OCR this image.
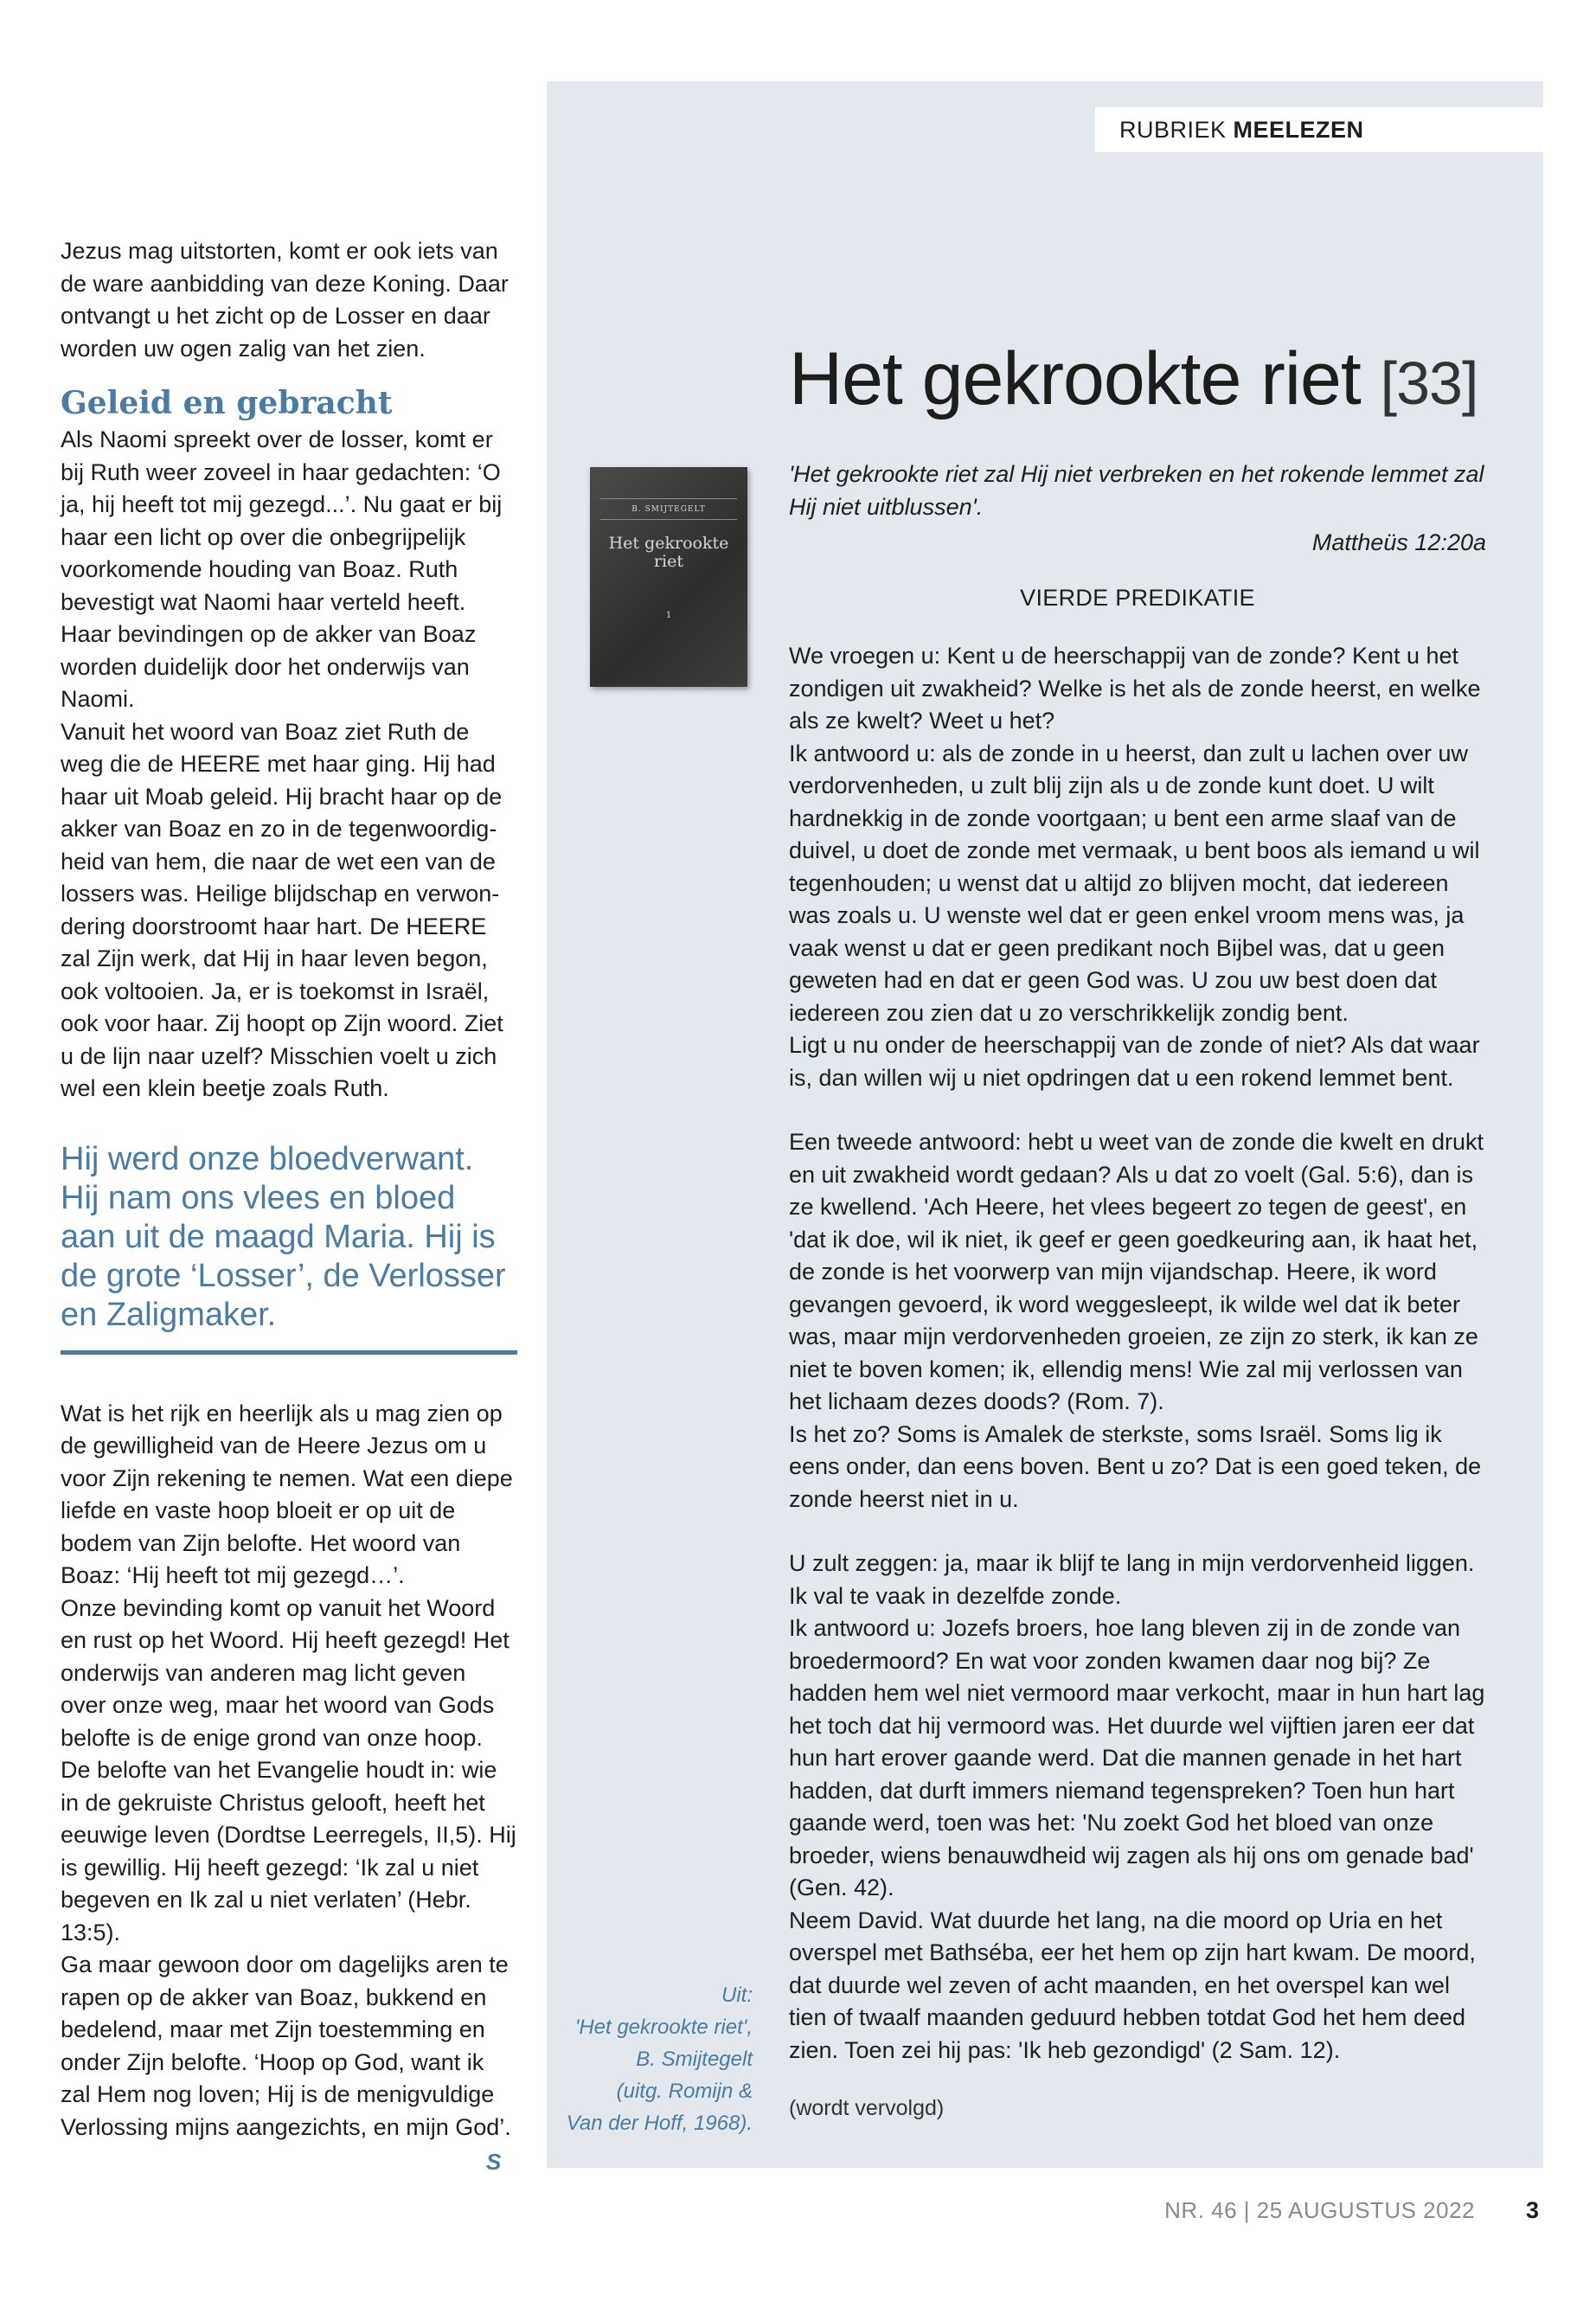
RUBRIEK MEELEZEN

Jezus mag uitstorten, komt er ook iets van de ware aanbidding van deze Koning. Daar ontvangt u het zicht op de Losser en daar worden uw ogen zalig van het zien.

Geleid en gebracht

Als Naomi spreekt over de losser, komt er bij Ruth weer zoveel in haar gedachten: ‘O ja, hij heeft tot mij gezegd...’. Nu gaat er bij haar een licht op over die onbegrijpelijk voorkomende houding van Boaz. Ruth bevestigt wat Naomi haar verteld heeft. Haar bevindingen op de akker van Boaz worden duidelijk door het onderwijs van Naomi.

Vanuit het woord van Boaz ziet Ruth de weg die de HEERE met haar ging. Hij had haar uit Moab geleid. Hij bracht haar op de akker van Boaz en zo in de tegenwoordigheid van hem, die naar de wet een van de lossers was. Heilige blijdschap en verwondering doorstroomt haar hart. De HEERE zal Zijn werk, dat Hij in haar leven begon, ook voltooien. Ja, er is toekomst in Israël, ook voor haar. Zij hoopt op Zijn woord. Ziet u de lijn naar uzelf? Misschien voelt u zich wel een klein beetje zoals Ruth.

Hij werd onze bloedverwant. Hij nam ons vlees en bloed aan uit de maagd Maria. Hij is de grote ‘Losser’, de Verlosser en Zaligmaker.

Wat is het rijk en heerlijk als u mag zien op de gewilligheid van de Heere Jezus om u voor Zijn rekening te nemen. Wat een diepe liefde en vaste hoop bloeit er op uit de bodem van Zijn belofte. Het woord van Boaz: ‘Hij heeft tot mij gezegd…’.

Onze bevinding komt op vanuit het Woord en rust op het Woord. Hij heeft gezegd! Het onderwijs van anderen mag licht geven over onze weg, maar het woord van Gods belofte is de enige grond van onze hoop. De belofte van het Evangelie houdt in: wie in de gekruiste Christus gelooft, heeft het eeuwige leven (Dordtse Leerregels, II,5). Hij is gewillig. Hij heeft gezegd: ‘Ik zal u niet begeven en Ik zal u niet verlaten’ (Hebr. 13:5).

Ga maar gewoon door om dagelijks aren te rapen op de akker van Boaz, bukkend en bedelend, maar met Zijn toestemming en onder Zijn belofte. ‘Hoop op God, want ik zal Hem nog loven; Hij is de menigvuldige Verlossing mijns aangezichts, en mijn God’.

S
Het gekrookte riet [33]
B. SMIJTEGELT
Het gekrookte riet
1

'Het gekrookte riet zal Hij niet verbreken en het rokende lemmet zal Hij niet uitblussen'.

Mattheüs 12:20a

VIERDE PREDIKATIE

We vroegen u: Kent u de heerschappij van de zonde? Kent u het zondigen uit zwakheid? Welke is het als de zonde heerst, en welke als ze kwelt? Weet u het?

Ik antwoord u: als de zonde in u heerst, dan zult u lachen over uw verdorvenheden, u zult blij zijn als u de zonde kunt doet. U wilt hardnekkig in de zonde voortgaan; u bent een arme slaaf van de duivel, u doet de zonde met vermaak, u bent boos als iemand u wil tegenhouden; u wenst dat u altijd zo blijven mocht, dat iedereen was zoals u. U wenste wel dat er geen enkel vroom mens was, ja vaak wenst u dat er geen predikant noch Bijbel was, dat u geen geweten had en dat er geen God was. U zou uw best doen dat iedereen zou zien dat u zo verschrikkelijk zondig bent.

Ligt u nu onder de heerschappij van de zonde of niet? Als dat waar is, dan willen wij u niet opdringen dat u een rokend lemmet bent.

Een tweede antwoord: hebt u weet van de zonde die kwelt en drukt en uit zwakheid wordt gedaan? Als u dat zo voelt (Gal. 5:6), dan is ze kwellend. 'Ach Heere, het vlees begeert zo tegen de geest', en 'dat ik doe, wil ik niet, ik geef er geen goedkeuring aan, ik haat het, de zonde is het voorwerp van mijn vijandschap. Heere, ik word gevangen gevoerd, ik word weggesleept, ik wilde wel dat ik beter was, maar mijn verdorvenheden groeien, ze zijn zo sterk, ik kan ze niet te boven komen; ik, ellendig mens! Wie zal mij verlossen van het lichaam dezes doods? (Rom. 7).

Is het zo? Soms is Amalek de sterkste, soms Israël. Soms lig ik eens onder, dan eens boven. Bent u zo? Dat is een goed teken, de zonde heerst niet in u.

U zult zeggen: ja, maar ik blijf te lang in mijn verdorvenheid liggen. Ik val te vaak in dezelfde zonde.

Ik antwoord u: Jozefs broers, hoe lang bleven zij in de zonde van broedermoord? En wat voor zonden kwamen daar nog bij? Ze hadden hem wel niet vermoord maar verkocht, maar in hun hart lag het toch dat hij vermoord was. Het duurde wel vijftien jaren eer dat hun hart erover gaande werd. Dat die mannen genade in het hart hadden, dat durft immers niemand tegenspreken? Toen hun hart gaande werd, toen was het: 'Nu zoekt God het bloed van onze broeder, wiens benauwdheid wij zagen als hij ons om genade bad' (Gen. 42).

Neem David. Wat duurde het lang, na die moord op Uria en het overspel met Bathséba, eer het hem op zijn hart kwam. De moord, dat duurde wel zeven of acht maanden, en het overspel kan wel tien of twaalf maanden geduurd hebben totdat God het hem deed zien. Toen zei hij pas: 'Ik heb gezondigd' (2 Sam. 12).

(wordt vervolgd)

Uit:
'Het gekrookte riet',
B. Smijtegelt
(uitg. Romijn &
Van der Hoff, 1968).
NR. 46 | 25 AUGUSTUS 2022 3
